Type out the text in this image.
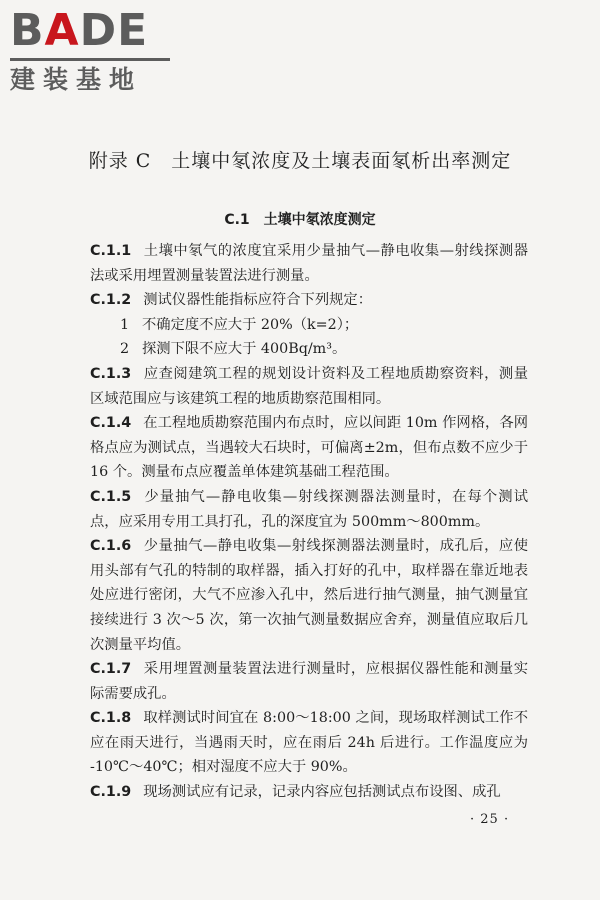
BADE
建装基地
附录 C　土壤中氡浓度及土壤表面氡析出率测定
C.1　土壤中氡浓度测定

C.1.1 土壤中氡气的浓度宜采用少量抽气—静电收集—射线探测器法或采用埋置测量装置法进行测量。

C.1.2 测试仪器性能指标应符合下列规定：

1 不确定度不应大于 20%（k=2）；

2 探测下限不应大于 400Bq/m³。

C.1.3 应查阅建筑工程的规划设计资料及工程地质勘察资料，测量区域范围应与该建筑工程的地质勘察范围相同。

C.1.4 在工程地质勘察范围内布点时，应以间距 10m 作网格，各网格点应为测试点，当遇较大石块时，可偏离±2m，但布点数不应少于 16 个。测量布点应覆盖单体建筑基础工程范围。

C.1.5 少量抽气—静电收集—射线探测器法测量时，在每个测试点，应采用专用工具打孔，孔的深度宜为 500mm～800mm。

C.1.6 少量抽气—静电收集—射线探测器法测量时，成孔后，应使用头部有气孔的特制的取样器，插入打好的孔中，取样器在靠近地表处应进行密闭，大气不应渗入孔中，然后进行抽气测量，抽气测量宜接续进行 3 次～5 次，第一次抽气测量数据应舍弃，测量值应取后几次测量平均值。

C.1.7 采用埋置测量装置法进行测量时，应根据仪器性能和测量实际需要成孔。

C.1.8 取样测试时间宜在 8:00～18:00 之间，现场取样测试工作不应在雨天进行，当遇雨天时，应在雨后 24h 后进行。工作温度应为 -10℃～40℃；相对湿度不应大于 90%。

C.1.9 现场测试应有记录，记录内容应包括测试点布设图、成孔

· 25 ·
